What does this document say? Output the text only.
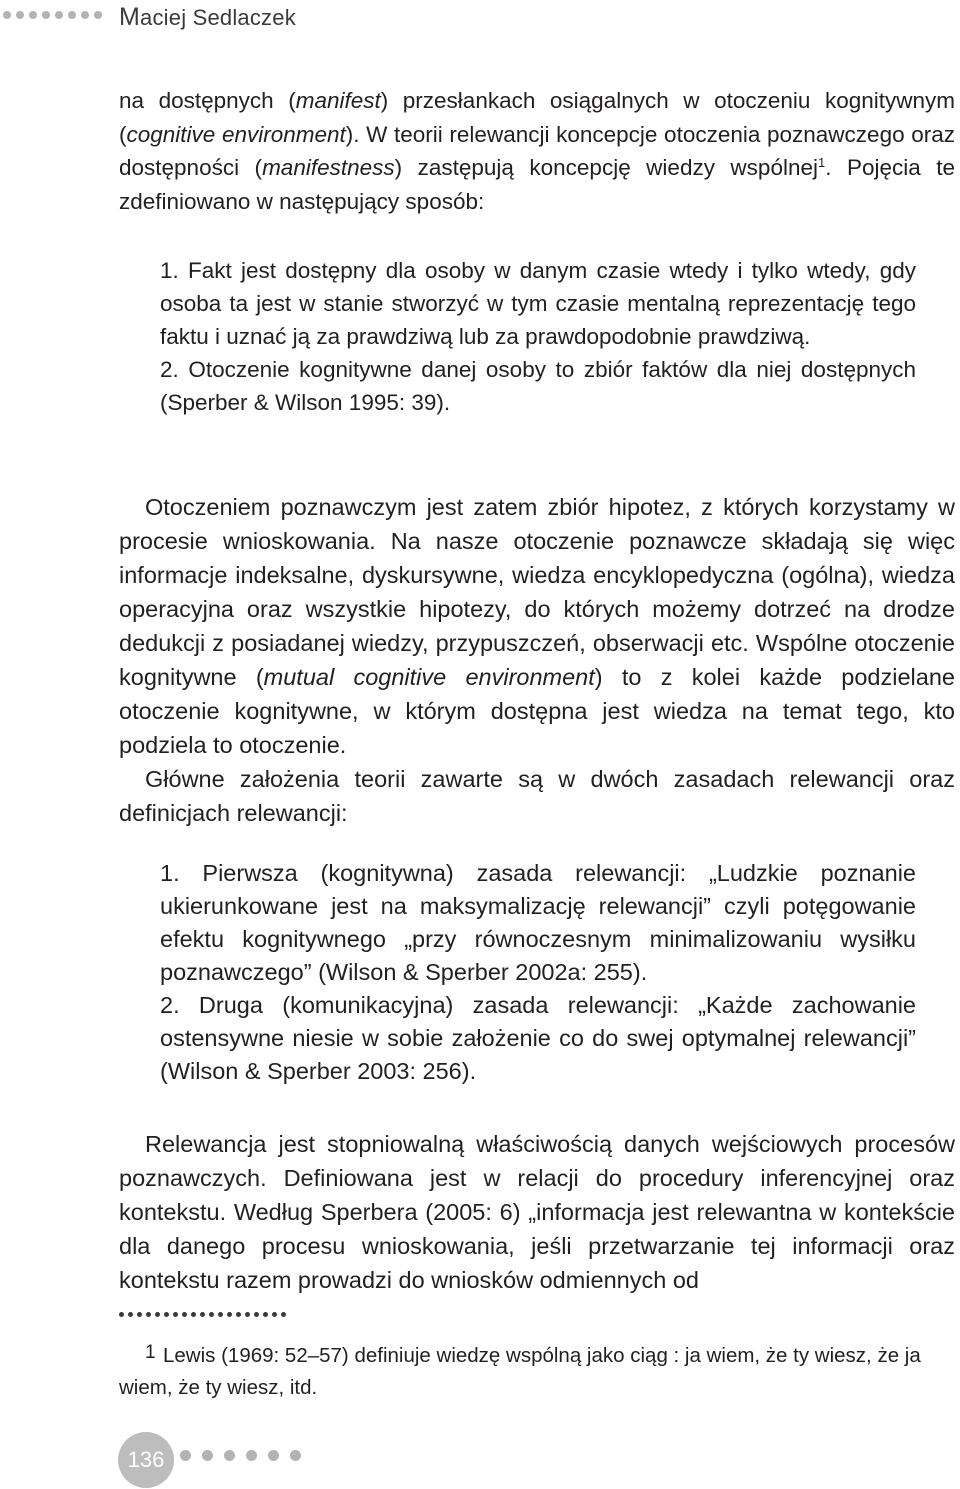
Maciej Sedlaczek

na dostępnych (manifest) przesłankach osiągalnych w otoczeniu kognitywnym (cognitive environment). W teorii relewancji koncepcje otoczenia poznawczego oraz dostępności (manifestness) zastępują koncepcję wiedzy wspólnej$^1$. Pojęcia te zdefiniowano w następujący sposób:

1. Fakt jest dostępny dla osoby w danym czasie wtedy i tylko wtedy, gdy osoba ta jest w stanie stworzyć w tym czasie mentalną reprezentację tego faktu i uznać ją za prawdziwą lub za prawdopodobnie prawdziwą.

2. Otoczenie kognitywne danej osoby to zbiór faktów dla niej dostępnych (Sperber & Wilson 1995: 39).

Otoczeniem poznawczym jest zatem zbiór hipotez, z których korzystamy w procesie wnioskowania. Na nasze otoczenie poznawcze składają się więc informacje indeksalne, dyskursywne, wiedza encyklopedyczna (ogólna), wiedza operacyjna oraz wszystkie hipotezy, do których możemy dotrzeć na drodze dedukcji z posiadanej wiedzy, przypuszczeń, obserwacji etc. Wspólne otoczenie kognitywne (mutual cognitive environment) to z kolei każde podzielane otoczenie kognitywne, w którym dostępna jest wiedza na temat tego, kto podziela to otoczenie.

Główne założenia teorii zawarte są w dwóch zasadach relewancji oraz definicjach relewancji:

1. Pierwsza (kognitywna) zasada relewancji: „Ludzkie poznanie ukierunkowane jest na maksymalizację relewancji” czyli potęgowanie efektu kognitywnego „przy równoczesnym minimalizowaniu wysiłku poznawczego” (Wilson & Sperber 2002a: 255).

2. Druga (komunikacyjna) zasada relewancji: „Każde zachowanie ostensywne niesie w sobie założenie co do swej optymalnej relewancji” (Wilson & Sperber 2003: 256).

Relewancja jest stopniowalną właściwością danych wejściowych procesów poznawczych. Definiowana jest w relacji do procedury inferencyjnej oraz kontekstu. Według Sperbera (2005: 6) „informacja jest relewantna w kontekście dla danego procesu wnioskowania, jeśli przetwarzanie tej informacji oraz kontekstu razem prowadzi do wniosków odmiennych od

1 Lewis (1969: 52–57) definiuje wiedzę wspólną jako ciąg : ja wiem, że ty wiesz, że ja wiem, że ty wiesz, itd.

136
